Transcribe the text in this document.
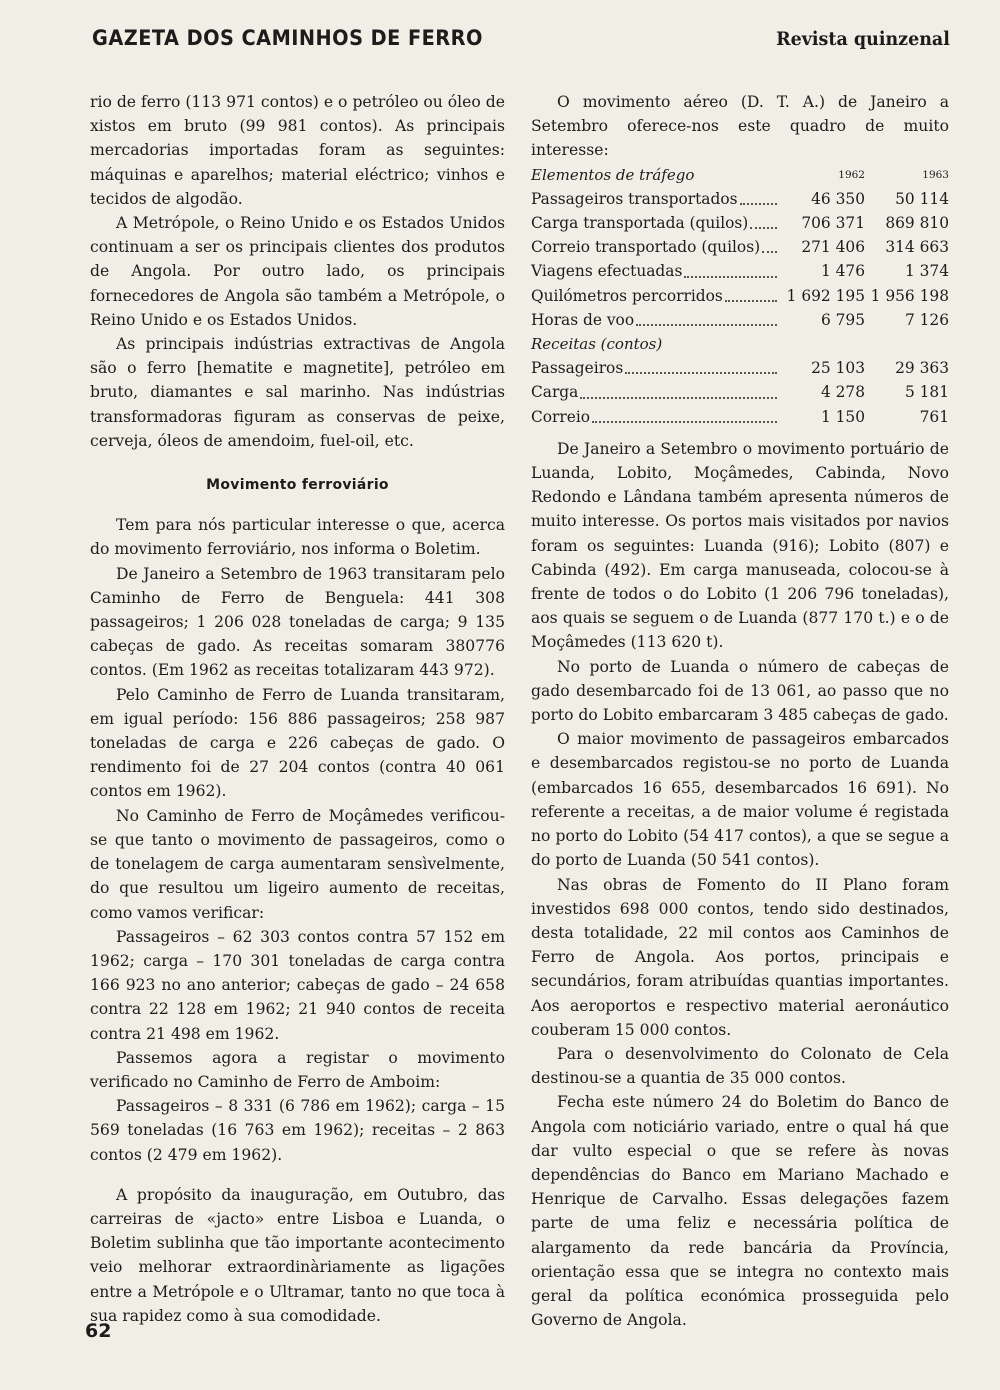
GAZETA DOS CAMINHOS DE FERRO	Revista quinzenal

rio de ferro (113 971 contos) e o petróleo ou óleo de xistos em bruto (99 981 contos). As principais mercadorias importadas foram as seguintes: máquinas e aparelhos; material eléctrico; vinhos e tecidos de algodão.

A Metrópole, o Reino Unido e os Estados Unidos continuam a ser os principais clientes dos produtos de Angola. Por outro lado, os principais fornecedores de Angola são também a Metrópole, o Reino Unido e os Estados Unidos.

As principais indústrias extractivas de Angola são o ferro [hematite e magnetite], petróleo em bruto, diamantes e sal marinho. Nas indústrias transformadoras figuram as conservas de peixe, cerveja, óleos de amendoim, fuel-oil, etc.

Movimento ferroviário

Tem para nós particular interesse o que, acerca do movimento ferroviário, nos informa o Boletim.

De Janeiro a Setembro de 1963 transitaram pelo Caminho de Ferro de Benguela: 441 308 passageiros; 1 206 028 toneladas de carga; 9 135 cabeças de gado. As receitas somaram 380776 contos. (Em 1962 as receitas totalizaram 443 972).

Pelo Caminho de Ferro de Luanda transitaram, em igual período: 156 886 passageiros; 258 987 toneladas de carga e 226 cabeças de gado. O rendimento foi de 27 204 contos (contra 40 061 contos em 1962).

No Caminho de Ferro de Moçâmedes verificou-se que tanto o movimento de passageiros, como o de tonelagem de carga aumentaram sensìvelmente, do que resultou um ligeiro aumento de receitas, como vamos verificar:

Passageiros – 62 303 contos contra 57 152 em 1962; carga – 170 301 toneladas de carga contra 166 923 no ano anterior; cabeças de gado – 24 658 contra 22 128 em 1962; 21 940 contos de receita contra 21 498 em 1962.

Passemos agora a registar o movimento verificado no Caminho de Ferro de Amboim:

Passageiros – 8 331 (6 786 em 1962); carga – 15 569 toneladas (16 763 em 1962); receitas – 2 863 contos (2 479 em 1962).

A propósito da inauguração, em Outubro, das carreiras de «jacto» entre Lisboa e Luanda, o Boletim sublinha que tão importante acontecimento veio melhorar extraordinàriamente as ligações entre a Metrópole e o Ultramar, tanto no que toca à sua rapidez como à sua comodidade.

O movimento aéreo (D. T. A.) de Janeiro a Setembro oferece-nos este quadro de muito interesse:

Elementos de tráfego	1962	1963

Passageiros transportados	46 350	50 114

Carga transportada (quilos)	706 371	869 810

Correio transportado (quilos)	271 406	314 663

Viagens efectuadas	1 476	1 374

Quilómetros percorridos	1 692 195	1 956 198

Horas de voo	6 795	7 126
Receitas (contos)		

Passageiros	25 103	29 363

Carga	4 278	5 181

Correio	1 150	761

De Janeiro a Setembro o movimento portuário de Luanda, Lobito, Moçâmedes, Cabinda, Novo Redondo e Lândana também apresenta números de muito interesse. Os portos mais visitados por navios foram os seguintes: Luanda (916); Lobito (807) e Cabinda (492). Em carga manuseada, colocou-se à frente de todos o do Lobito (1 206 796 toneladas), aos quais se seguem o de Luanda (877 170 t.) e o de Moçâmedes (113 620 t).

No porto de Luanda o número de cabeças de gado desembarcado foi de 13 061, ao passo que no porto do Lobito embarcaram 3 485 cabeças de gado.

O maior movimento de passageiros embarcados e desembarcados registou-se no porto de Luanda (embarcados 16 655, desembarcados 16 691). No referente a receitas, a de maior volume é registada no porto do Lobito (54 417 contos), a que se segue a do porto de Luanda (50 541 contos).

Nas obras de Fomento do II Plano foram investidos 698 000 contos, tendo sido destinados, desta totalidade, 22 mil contos aos Caminhos de Ferro de Angola. Aos portos, principais e secundários, foram atribuídas quantias importantes. Aos aeroportos e respectivo material aeronáutico couberam 15 000 contos.

Para o desenvolvimento do Colonato de Cela destinou-se a quantia de 35 000 contos.

Fecha este número 24 do Boletim do Banco de Angola com noticiário variado, entre o qual há que dar vulto especial o que se refere às novas dependências do Banco em Mariano Machado e Henrique de Carvalho. Essas delegações fazem parte de uma feliz e necessária política de alargamento da rede bancária da Província, orientação essa que se integra no contexto mais geral da política económica prosseguida pelo Governo de Angola.

62
